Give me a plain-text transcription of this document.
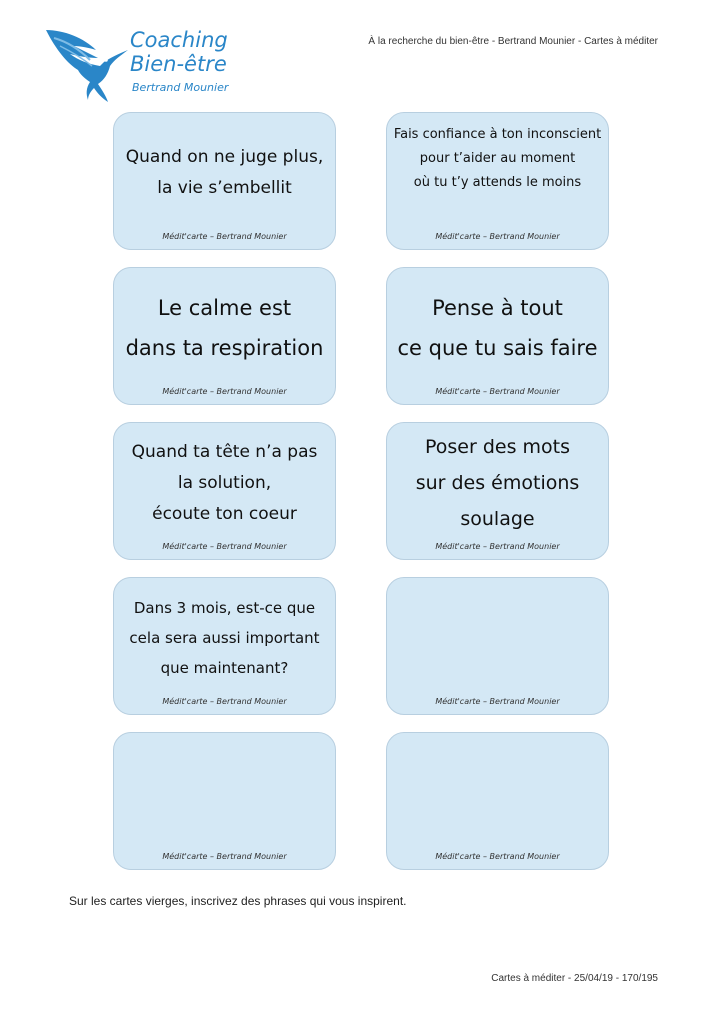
Coaching
Bien-être
Bertrand Mounier
À la recherche du bien-être - Bertrand Mounier - Cartes à méditer
Quand on ne juge plus,
la vie s’embellit
Médit'carte – Bertrand Mounier
Fais confiance à ton inconscient
pour t’aider au moment
où tu t’y attends le moins
Médit'carte – Bertrand Mounier
Le calme est
dans ta respiration
Médit'carte – Bertrand Mounier
Pense à tout
ce que tu sais faire
Médit'carte – Bertrand Mounier
Quand ta tête n’a pas
la solution,
écoute ton coeur
Médit'carte – Bertrand Mounier
Poser des mots
sur des émotions
soulage
Médit'carte – Bertrand Mounier
Dans 3 mois, est-ce que
cela sera aussi important
que maintenant?
Médit'carte – Bertrand Mounier	Médit'carte – Bertrand Mounier
Médit'carte – Bertrand Mounier	Médit'carte – Bertrand Mounier
Sur les cartes vierges, inscrivez des phrases qui vous inspirent.
Cartes à méditer - 25/04/19 - 170/195
